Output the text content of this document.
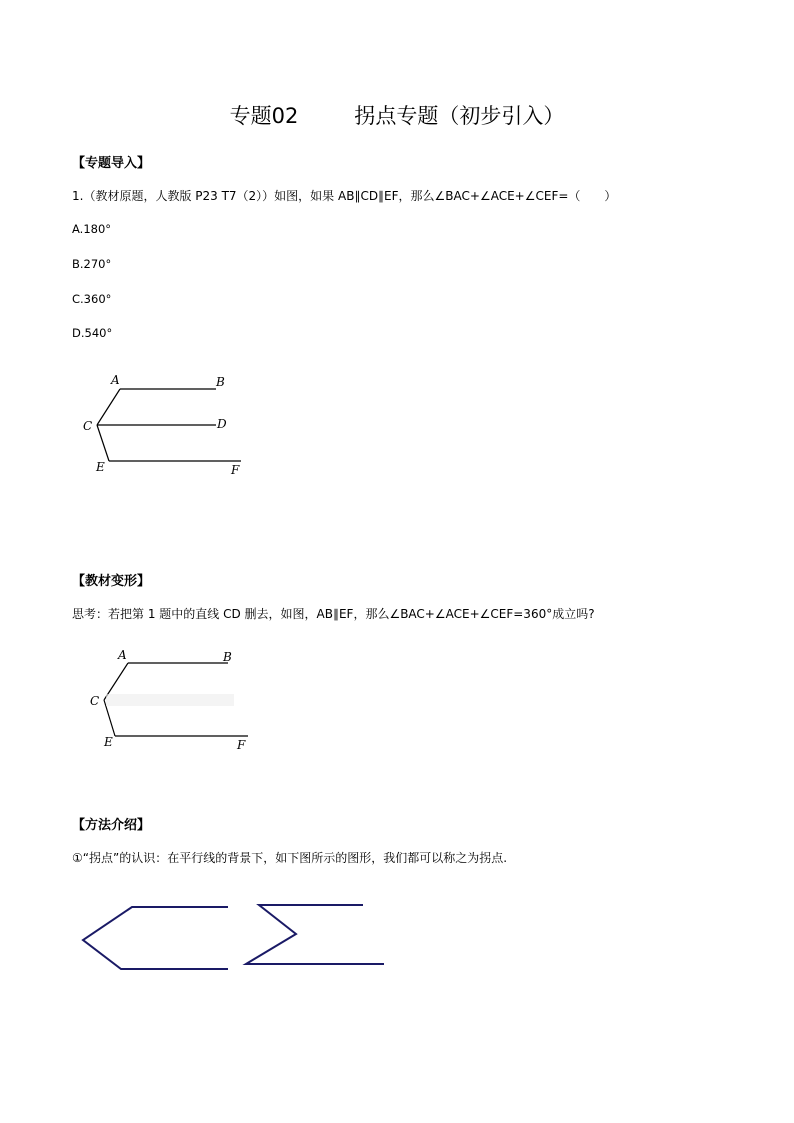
专题02	拐点专题（初步引入）
【专题导入】
1.（教材原题，人教版 P23 T7（2））如图，如果 AB∥CD∥EF，那么∠BAC+∠ACE+∠CEF=（　　）
A.180°
B.270°
C.360°
D.540°
A	B
C	D
E	F
【教材变形】
思考：若把第 1 题中的直线 CD 删去，如图，AB∥EF，那么∠BAC+∠ACE+∠CEF=360°成立吗?
A	B
C
E	F
【方法介绍】
①“拐点”的认识：在平行线的背景下，如下图所示的图形，我们都可以称之为拐点.
